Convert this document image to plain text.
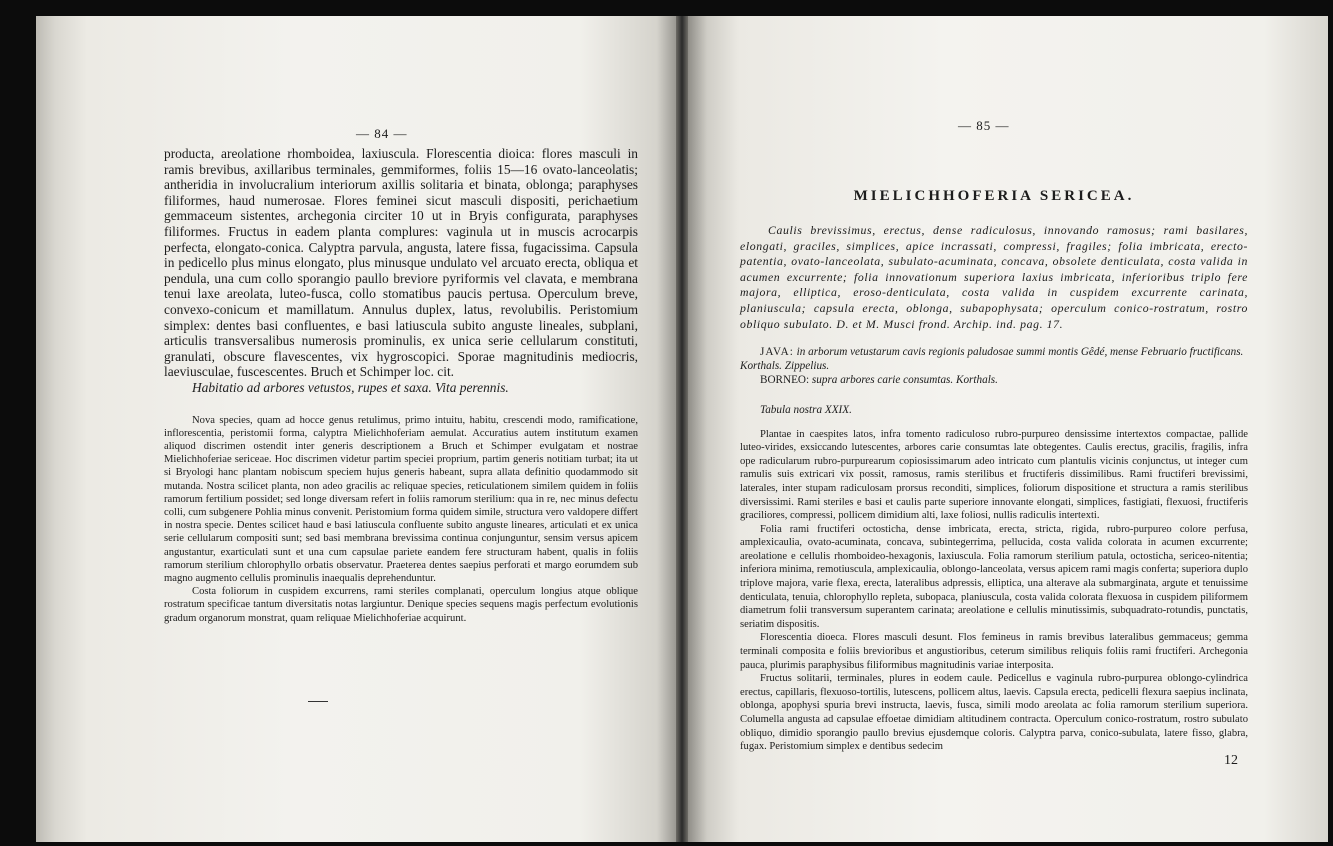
— 84 —

producta, areolatione rhomboidea, laxiuscula. Florescentia dioica: flores masculi in ramis brevibus, axillaribus terminales, gemmiformes, foliis 15—16 ovato-lanceolatis; antheridia in involucralium interiorum axillis solitaria et binata, oblonga; paraphyses filiformes, haud numerosae. Flores feminei sicut masculi dispositi, perichaetium gemmaceum sistentes, archegonia circiter 10 ut in Bryis configurata, paraphyses filiformes. Fructus in eadem planta complures: vaginula ut in muscis acrocarpis perfecta, elongato-conica. Calyptra parvula, angusta, latere fissa, fugacissima. Capsula in pedicello plus minus elongato, plus minusque undulato vel arcuato erecta, obliqua et pendula, una cum collo sporangio paullo breviore pyriformis vel clavata, e membrana tenui laxe areolata, luteo-fusca, collo stomatibus paucis pertusa. Operculum breve, convexo-conicum et mamillatum. Annulus duplex, latus, revolubilis. Peristomium simplex: dentes basi confluentes, e basi latiuscula subito anguste lineales, subplani, articulis transversalibus numerosis prominulis, ex unica serie cellularum constituti, granulati, obscure flavescentes, vix hygroscopici. Sporae magnitudinis mediocris, laeviusculae, fuscescentes. Bruch et Schimper loc. cit.

Habitatio ad arbores vetustos, rupes et saxa. Vita perennis.

Nova species, quam ad hocce genus retulimus, primo intuitu, habitu, crescendi modo, ramificatione, inflorescentia, peristomii forma, calyptra Mielichhoferiam aemulat. Accuratius autem institutum examen aliquod discrimen ostendit inter generis descriptionem a Bruch et Schimper evulgatam et nostrae Mielichhoferiae sericeae. Hoc discrimen videtur partim speciei proprium, partim generis notitiam turbat; ita ut si Bryologi hanc plantam nobiscum speciem hujus generis habeant, supra allata definitio quodammodo sit mutanda. Nostra scilicet planta, non adeo gracilis ac reliquae species, reticulationem similem quidem in foliis ramorum fertilium possidet; sed longe diversam refert in foliis ramorum sterilium: qua in re, nec minus defectu colli, cum subgenere Pohlia minus convenit. Peristomium forma quidem simile, structura vero valdopere differt in nostra specie. Dentes scilicet haud e basi latiuscula confluente subito anguste lineares, articulati et ex unica serie cellularum compositi sunt; sed basi membrana brevissima continua conjunguntur, sensim versus apicem angustantur, exarticulati sunt et una cum capsulae pariete eandem fere structuram habent, qualis in foliis ramorum sterilium chlorophyllo orbatis observatur. Praeterea dentes saepius perforati et margo eorumdem sub magno augmento cellulis prominulis inaequalis deprehenduntur.

Costa foliorum in cuspidem excurrens, rami steriles complanati, operculum longius atque oblique rostratum specificae tantum diversitatis notas largiuntur. Denique species sequens magis perfectum evolutionis gradum organorum monstrat, quam reliquae Mielichhoferiae acquirunt.

— 85 —
MIELICHHOFERIA SERICEA.

Caulis brevissimus, erectus, dense radiculosus, innovando ramosus; rami basilares, elongati, graciles, simplices, apice incrassati, compressi, fragiles; folia imbricata, erecto-patentia, ovato-lanceolata, subulato-acuminata, concava, obsolete denticulata, costa valida in acumen excurrente; folia innovationum superiora laxius imbricata, inferioribus triplo fere majora, elliptica, eroso-denticulata, costa valida in cuspidem excurrente carinata, planiuscula; capsula erecta, oblonga, subapophysata; operculum conico-rostratum, rostro obliquo subulato. D. et M. Musci frond. Archip. ind. pag. 17.

JAVA: in arborum vetustarum cavis regionis paludosae summi montis Gêdé, mense Februario fructificans. Korthals. Zippelius.

BORNEO: supra arbores carie consumtas. Korthals.

Tabula nostra XXIX.

Plantae in caespites latos, infra tomento radiculoso rubro-purpureo densissime intertextos compactae, pallide luteo-virides, exsiccando lutescentes, arbores carie consumtas late obtegentes. Caulis erectus, gracilis, fragilis, infra ope radicularum rubro-purpurearum copiosissimarum adeo intricato cum plantulis vicinis conjunctus, ut integer cum ramulis suis extricari vix possit, ramosus, ramis sterilibus et fructiferis dissimilibus. Rami fructiferi brevissimi, laterales, inter stupam radiculosam prorsus reconditi, simplices, foliorum dispositione et structura a ramis sterilibus diversissimi. Rami steriles e basi et caulis parte superiore innovante elongati, simplices, fastigiati, flexuosi, fructiferis graciliores, compressi, pollicem dimidium alti, laxe foliosi, nullis radiculis intertexti.

Folia rami fructiferi octosticha, dense imbricata, erecta, stricta, rigida, rubro-purpureo colore perfusa, amplexicaulia, ovato-acuminata, concava, subintegerrima, pellucida, costa valida colorata in acumen excurrente; areolatione e cellulis rhomboideo-hexagonis, laxiuscula. Folia ramorum sterilium patula, octosticha, sericeo-nitentia; inferiora minima, remotiuscula, amplexicaulia, oblongo-lanceolata, versus apicem rami magis conferta; superiora duplo triplove majora, varie flexa, erecta, lateralibus adpressis, elliptica, una alterave ala submarginata, argute et tenuissime denticulata, tenuia, chlorophyllo repleta, subopaca, planiuscula, costa valida colorata flexuosa in cuspidem piliformem diametrum folii transversum superantem carinata; areolatione e cellulis minutissimis, subquadrato-rotundis, punctatis, seriatim dispositis.

Florescentia dioeca. Flores masculi desunt. Flos femineus in ramis brevibus lateralibus gemmaceus; gemma terminali composita e foliis brevioribus et angustioribus, ceterum similibus reliquis foliis rami fructiferi. Archegonia pauca, plurimis paraphysibus filiformibus magnitudinis variae interposita.

Fructus solitarii, terminales, plures in eodem caule. Pedicellus e vaginula rubro-purpurea oblongo-cylindrica erectus, capillaris, flexuoso-tortilis, lutescens, pollicem altus, laevis. Capsula erecta, pedicelli flexura saepius inclinata, oblonga, apophysi spuria brevi instructa, laevis, fusca, simili modo areolata ac folia ramorum sterilium superiora. Columella angusta ad capsulae effoetae dimidiam altitudinem contracta. Operculum conico-rostratum, rostro subulato obliquo, dimidio sporangio paullo brevius ejusdemque coloris. Calyptra parva, conico-subulata, latere fisso, glabra, fugax. Peristomium simplex e dentibus sedecim

12
